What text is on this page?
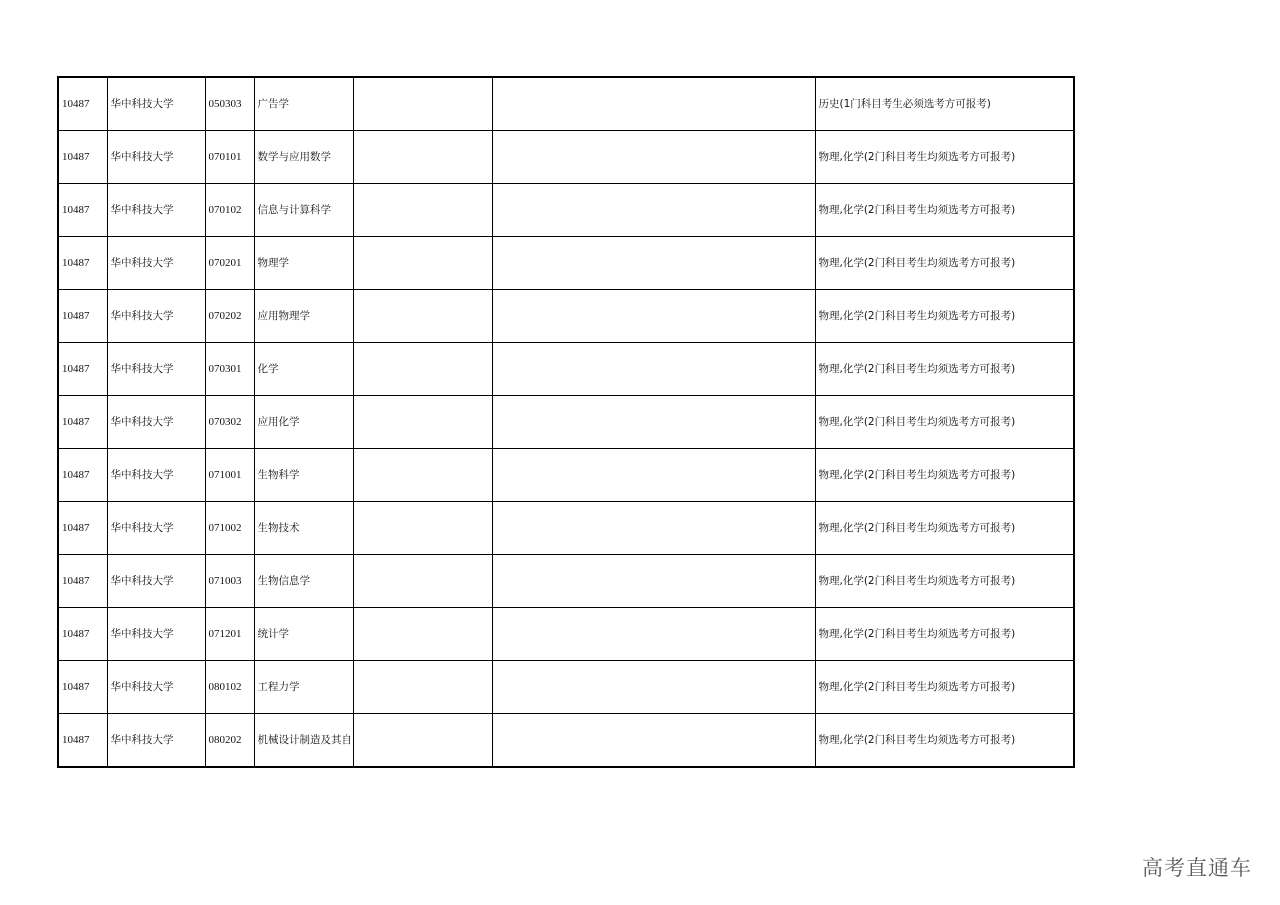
10487	华中科技大学	050303	广告学			历史(1门科目考生必须选考方可报考)
10487	华中科技大学	070101	数学与应用数学			物理,化学(2门科目考生均须选考方可报考)
10487	华中科技大学	070102	信息与计算科学			物理,化学(2门科目考生均须选考方可报考)
10487	华中科技大学	070201	物理学			物理,化学(2门科目考生均须选考方可报考)
10487	华中科技大学	070202	应用物理学			物理,化学(2门科目考生均须选考方可报考)
10487	华中科技大学	070301	化学			物理,化学(2门科目考生均须选考方可报考)
10487	华中科技大学	070302	应用化学			物理,化学(2门科目考生均须选考方可报考)
10487	华中科技大学	071001	生物科学			物理,化学(2门科目考生均须选考方可报考)
10487	华中科技大学	071002	生物技术			物理,化学(2门科目考生均须选考方可报考)
10487	华中科技大学	071003	生物信息学			物理,化学(2门科目考生均须选考方可报考)
10487	华中科技大学	071201	统计学			物理,化学(2门科目考生均须选考方可报考)
10487	华中科技大学	080102	工程力学			物理,化学(2门科目考生均须选考方可报考)
10487	华中科技大学	080202	机械设计制造及其自			物理,化学(2门科目考生均须选考方可报考)
高考直通车
